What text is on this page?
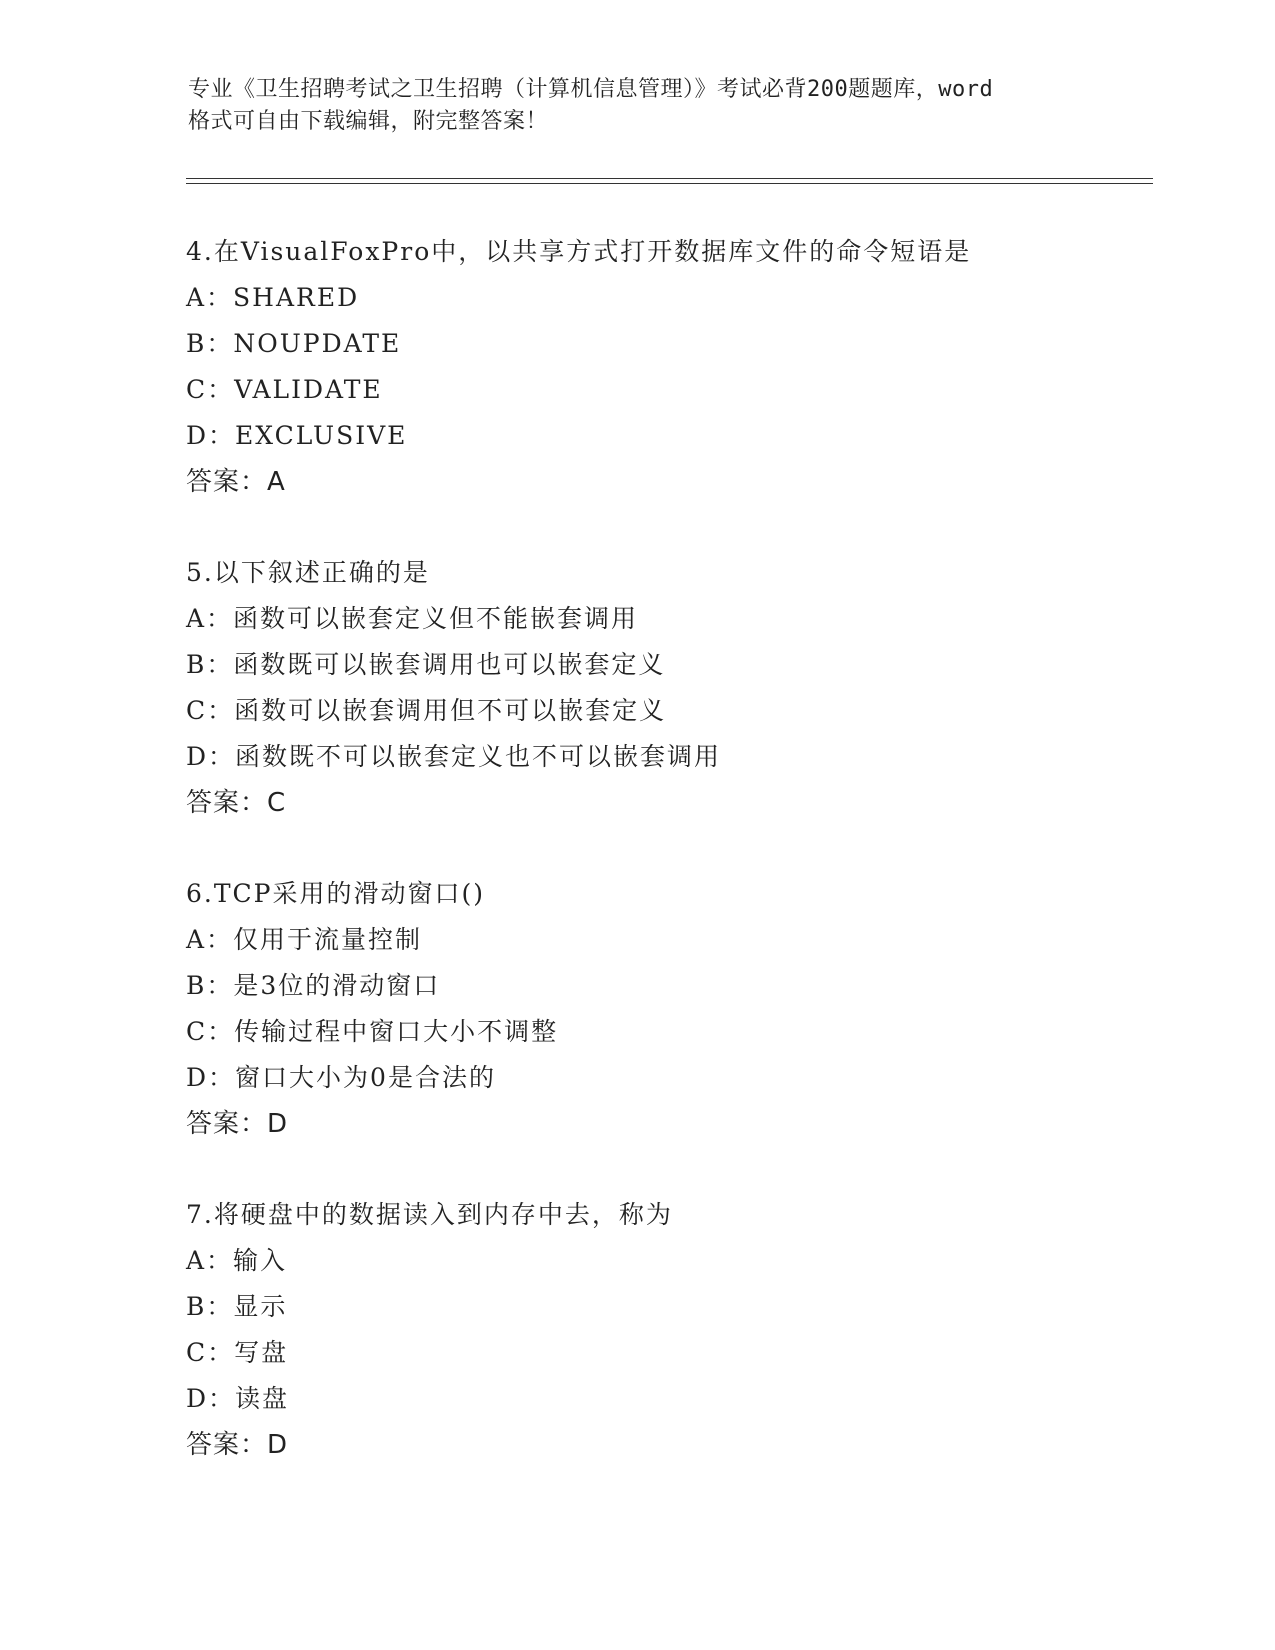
专业《卫生招聘考试之卫生招聘（计算机信息管理）》考试必背200题题库，word
格式可自由下载编辑，附完整答案！
4.在VisualFoxPro中，以共享方式打开数据库文件的命令短语是
A：SHARED
B：NOUPDATE
C：VALIDATE
D：EXCLUSIVE
答案：A
5.以下叙述正确的是
A：函数可以嵌套定义但不能嵌套调用
B：函数既可以嵌套调用也可以嵌套定义
C：函数可以嵌套调用但不可以嵌套定义
D：函数既不可以嵌套定义也不可以嵌套调用
答案：C
6.TCP采用的滑动窗口()
A：仅用于流量控制
B：是3位的滑动窗口
C：传输过程中窗口大小不调整
D：窗口大小为0是合法的
答案：D
7.将硬盘中的数据读入到内存中去，称为
A：输入
B：显示
C：写盘
D：读盘
答案：D
